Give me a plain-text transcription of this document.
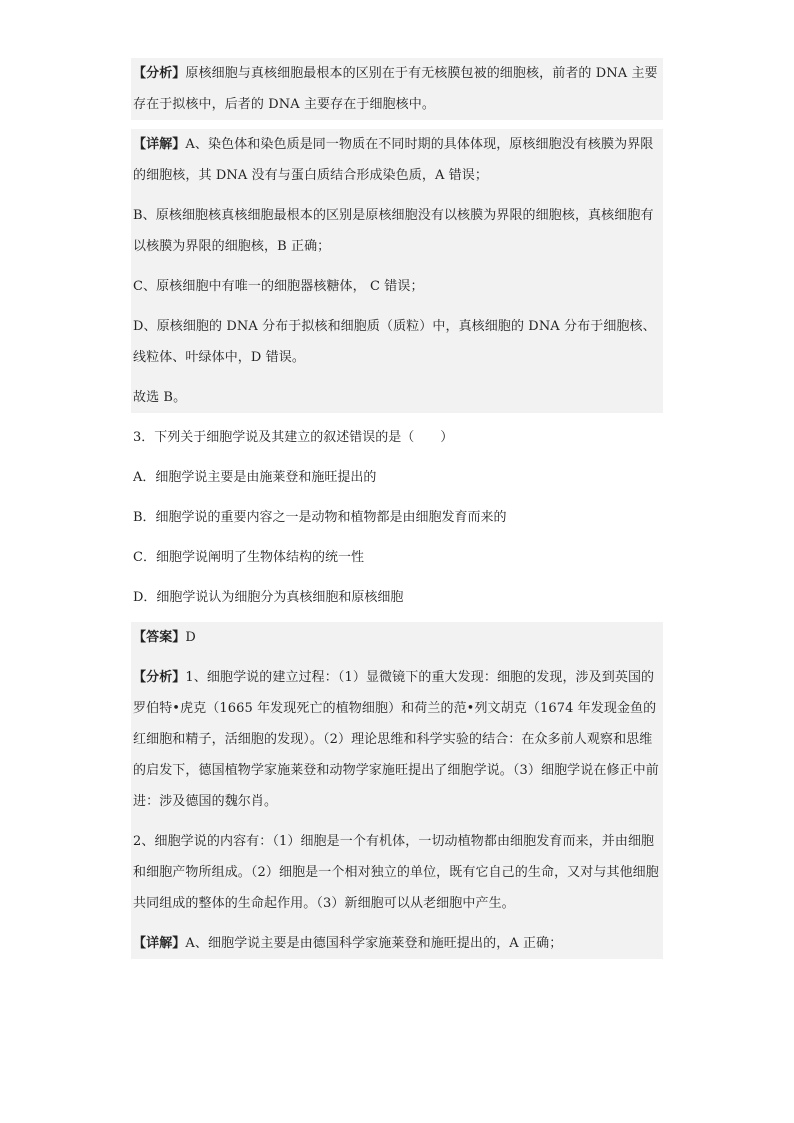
【分析】原核细胞与真核细胞最根本的区别在于有无核膜包被的细胞核，前者的 DNA 主要存在于拟核中，后者的 DNA 主要存在于细胞核中。

【详解】A、染色体和染色质是同一物质在不同时期的具体体现，原核细胞没有核膜为界限的细胞核，其 DNA 没有与蛋白质结合形成染色质，A 错误；

B、原核细胞核真核细胞最根本的区别是原核细胞没有以核膜为界限的细胞核，真核细胞有以核膜为界限的细胞核，B 正确；

C、原核细胞中有唯一的细胞器核糖体， C 错误；

D、原核细胞的 DNA 分布于拟核和细胞质（质粒）中，真核细胞的 DNA 分布于细胞核、线粒体、叶绿体中，D 错误。

故选 B。

3．下列关于细胞学说及其建立的叙述错误的是（　　）

A．细胞学说主要是由施莱登和施旺提出的

B．细胞学说的重要内容之一是动物和植物都是由细胞发育而来的

C．细胞学说阐明了生物体结构的统一性

D．细胞学说认为细胞分为真核细胞和原核细胞

【答案】D

【分析】1、细胞学说的建立过程：（1）显微镜下的重大发现：细胞的发现，涉及到英国的罗伯特•虎克（1665 年发现死亡的植物细胞）和荷兰的范•列文胡克（1674 年发现金鱼的红细胞和精子，活细胞的发现）。（2）理论思维和科学实验的结合：在众多前人观察和思维的启发下，德国植物学家施莱登和动物学家施旺提出了细胞学说。（3）细胞学说在修正中前进：涉及德国的魏尔肖。

2、细胞学说的内容有：（1）细胞是一个有机体，一切动植物都由细胞发育而来，并由细胞和细胞产物所组成。（2）细胞是一个相对独立的单位，既有它自己的生命，又对与其他细胞共同组成的整体的生命起作用。（3）新细胞可以从老细胞中产生。

【详解】A、细胞学说主要是由德国科学家施莱登和施旺提出的，A 正确；
